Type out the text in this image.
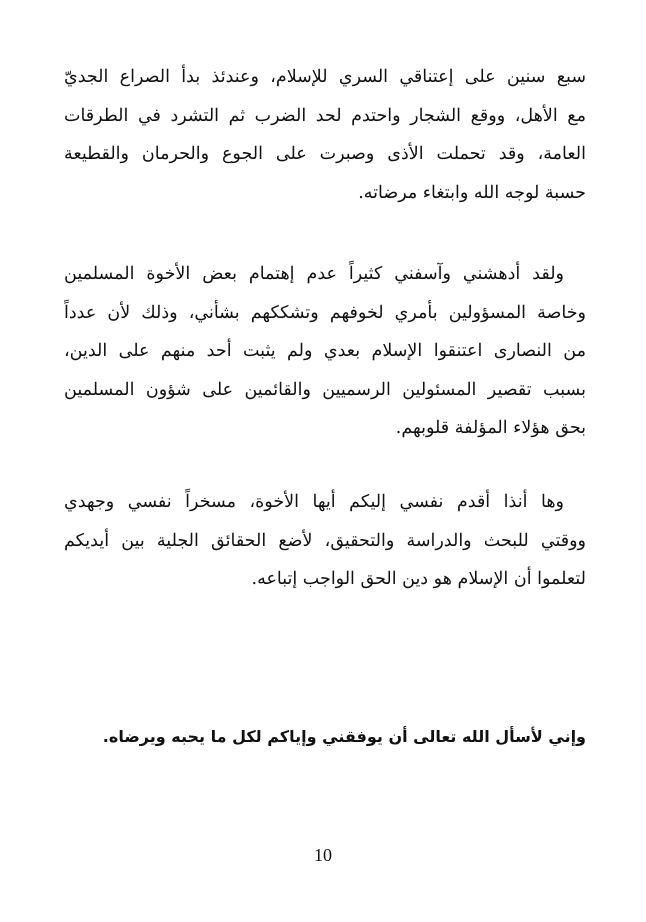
سبع سنين على إعتناقي السري للإسلام، وعندئذ بدأ الصراع الجديّ
مع الأهل، ووقع الشجار واحتدم لحد الضرب ثم التشرد في الطرقات
العامة، وقد تحملت الأذى وصبرت على الجوع والحرمان والقطيعة
حسبة لوجه الله وابتغاء مرضاته.

ولقد أدهشني وآسفني كثيراً عدم إهتمام بعض الأخوة المسلمين
وخاصة المسؤولين بأمري لخوفهم وتشككهم بشأني، وذلك لأن عدداً
من النصارى اعتنقوا الإسلام بعدي ولم يثبت أحد منهم على الدين،
بسبب تقصير المسئولين الرسميين والقائمين على شؤون المسلمين
بحق هؤلاء المؤلفة قلوبهم.

وها أنذا أقدم نفسي إليكم أيها الأخوة، مسخراً نفسي وجهدي
ووقتي للبحث والدراسة والتحقيق، لأضع الحقائق الجلية بين أيديكم
لتعلموا أن الإسلام هو دين الحق الواجب إتباعه.

وإني لأسأل الله تعالى أن يوفقني وإياكم لكل ما يحبه ويرضاه.

10
